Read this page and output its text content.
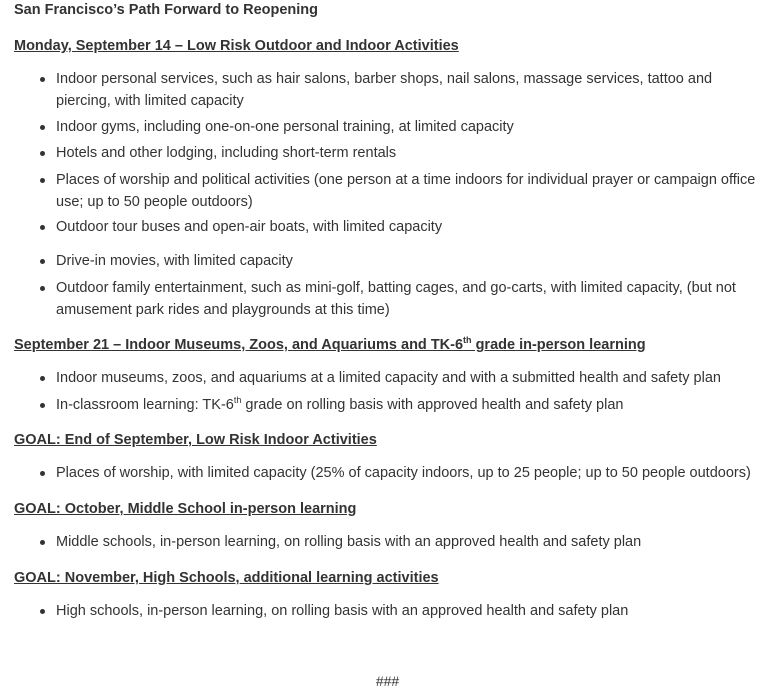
San Francisco’s Path Forward to Reopening
Monday, September 14 – Low Risk Outdoor and Indoor Activities
Indoor personal services, such as hair salons, barber shops, nail salons, massage services, tattoo and piercing, with limited capacity
Indoor gyms, including one-on-one personal training, at limited capacity
Hotels and other lodging, including short-term rentals
Places of worship and political activities (one person at a time indoors for individual prayer or campaign office use; up to 50 people outdoors)
Outdoor tour buses and open-air boats, with limited capacity
Drive-in movies, with limited capacity
Outdoor family entertainment, such as mini-golf, batting cages, and go-carts, with limited capacity, (but not amusement park rides and playgrounds at this time)
September 21 – Indoor Museums, Zoos, and Aquariums and TK-6th grade in-person learning
Indoor museums, zoos, and aquariums at a limited capacity and with a submitted health and safety plan
In-classroom learning: TK-6th grade on rolling basis with approved health and safety plan
GOAL: End of September, Low Risk Indoor Activities
Places of worship, with limited capacity (25% of capacity indoors, up to 25 people; up to 50 people outdoors)
GOAL: October, Middle School in-person learning
Middle schools, in-person learning, on rolling basis with an approved health and safety plan
GOAL: November, High Schools, additional learning activities
High schools, in-person learning, on rolling basis with an approved health and safety plan
###
